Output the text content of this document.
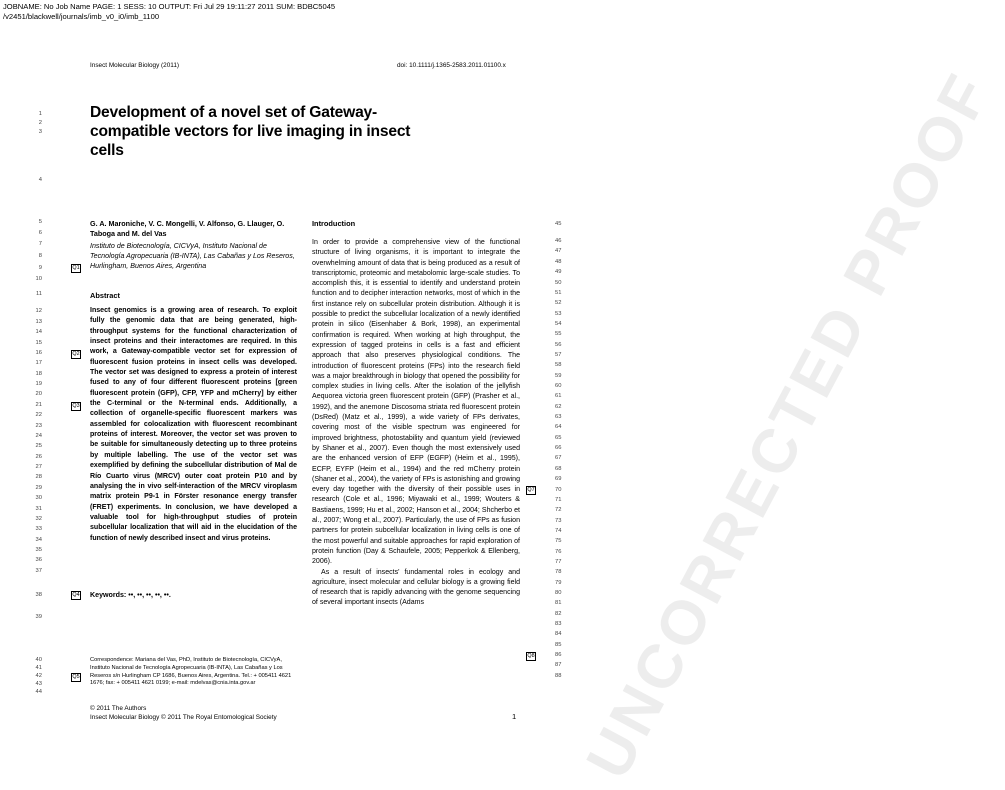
JOBNAME: No Job Name PAGE: 1 SESS: 10 OUTPUT: Fri Jul 29 19:11:27 2011 SUM: BDBC5045
/v2451/blackwell/journals/imb_v0_i0/imb_1100
Insect Molecular Biology (2011)	doi: 10.1111/j.1365-2583.2011.01100.x UNCORRECTED PROOF
Development of a novel set of Gateway-compatible vectors for live imaging in insect cells
1
2
3
4
5
6
7
8
9
10
11
12
13
14
15
16
17
18
19
20
21
22
23
24
25
26
27
28
29
30
31
32
33
34
35
36
37
38
39
40
41
42
43
44
45
46
47
48
49
50
51
52
53
54
55
56
57
58
59
60
61
62
63
64
65
66
67
68
69
70
71
72
73
74
75
76
77
78
79
80
81
82
83
84
85
86
87
88
Q1
Q2
Q3
Q4
Q5
Q7
Q8
G. A. Maroniche, V. C. Mongelli, V. Alfonso, G. Llauger, O. Taboga and M. del Vas
Instituto de Biotecnología, CICVyA, Instituto Nacional de Tecnología Agropecuaria (IB-INTA), Las Cabañas y Los Reseros, Hurlingham, Buenos Aires, Argentina
Abstract
Insect genomics is a growing area of research. To exploit fully the genomic data that are being generated, high-throughput systems for the functional characterization of insect proteins and their interactomes are required. In this work, a Gateway-compatible vector set for expression of fluorescent fusion proteins in insect cells was developed. The vector set was designed to express a protein of interest fused to any of four different fluorescent proteins [green fluorescent protein (GFP), CFP, YFP and mCherry] by either the C-terminal or the N-terminal ends. Additionally, a collection of organelle-specific fluorescent markers was assembled for colocalization with fluorescent recombinant proteins of interest. Moreover, the vector set was proven to be suitable for simultaneously detecting up to three proteins by multiple labelling. The use of the vector set was exemplified by defining the subcellular distribution of Mal de Río Cuarto virus (MRCV) outer coat protein P10 and by analysing the in vivo self-interaction of the MRCV viroplasm matrix protein P9-1 in Förster resonance energy transfer (FRET) experiments. In conclusion, we have developed a valuable tool for high-throughput studies of protein subcellular localization that will aid in the elucidation of the function of newly described insect and virus proteins.
Keywords: ••, ••, ••, ••, ••.
Correspondence: Mariana del Vas, PhD, Instituto de Biotecnología, CICVyA, Instituto Nacional de Tecnología Agropecuaria (IB-INTA), Las Cabañas y Los Reseros s/n Hurlingham CP 1686, Buenos Aires, Argentina. Tel.: + 005411 4621 1676; fax: + 005411 4621 0199; e-mail: mdelvas@cnia.inta.gov.ar
© 2011 The Authors
Insect Molecular Biology © 2011 The Royal Entomological Society
Introduction

In order to provide a comprehensive view of the functional structure of living organisms, it is important to integrate the overwhelming amount of data that is being produced as a result of transcriptomic, proteomic and metabolomic large-scale studies. To accomplish this, it is essential to identify and understand protein function and to decipher interaction networks, most of which in the first instance rely on subcellular protein distribution. Although it is possible to predict the subcellular localization of a newly identified protein in silico (Eisenhaber & Bork, 1998), an experimental confirmation is required. When working at high throughput, the expression of tagged proteins in cells is a fast and efficient approach that also preserves physiological conditions. The introduction of fluorescent proteins (FPs) into the research field was a major breakthrough in biology that opened the possibility for complex studies in living cells. After the isolation of the jellyfish Aequorea victoria green fluorescent protein (GFP) (Prasher et al., 1992), and the anemone Discosoma striata red fluorescent protein (DsRed) (Matz et al., 1999), a wide variety of FPs derivates, covering most of the visible spectrum was engineered for improved brightness, photostability and quantum yield (reviewed by Shaner et al., 2007). Even though the most extensively used are the enhanced version of EFP (EGFP) (Heim et al., 1995), ECFP, EYFP (Heim et al., 1994) and the red mCherry protein (Shaner et al., 2004), the variety of FPs is astonishing and growing every day together with the diversity of their possible uses in research (Cole et al., 1996; Miyawaki et al., 1999; Wouters & Bastiaens, 1999; Hu et al., 2002; Hanson et al., 2004; Shcherbo et al., 2007; Wong et al., 2007). Particularly, the use of FPs as fusion partners for protein subcellular localization in living cells is one of the most powerful and suitable approaches for rapid exploration of protein function (Day & Schaufele, 2005; Pepperkok & Ellenberg, 2006).

As a result of insects' fundamental roles in ecology and agriculture, insect molecular and cellular biology is a growing field of research that is rapidly advancing with the genome sequencing of several important insects (Adams

1
